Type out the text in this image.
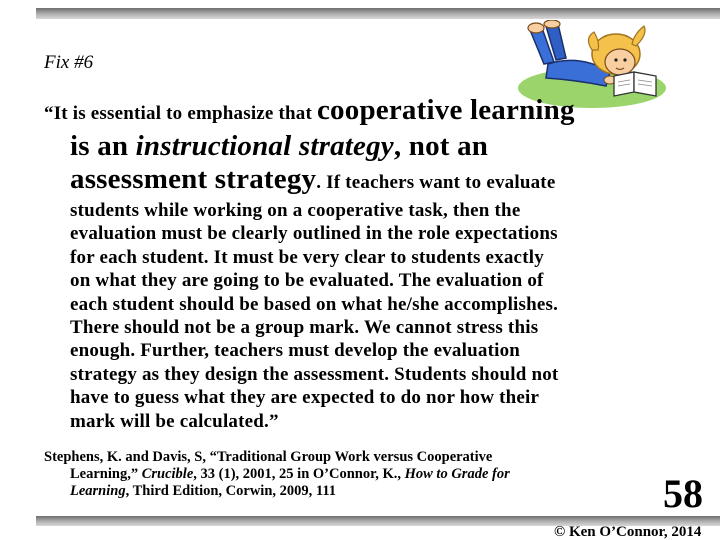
Fix #6
“It is essential to emphasize that cooperative learning
is an instructional strategy, not an
assessment strategy. If teachers want to evaluate
students while working on a cooperative task, then the
evaluation must be clearly outlined in the role expectations
for each student. It must be very clear to students exactly
on what they are going to be evaluated. The evaluation of
each student should be based on what he/she accomplishes.
There should not be a group mark. We cannot stress this
enough. Further, teachers must develop the evaluation
strategy as they design the assessment. Students should not
have to guess what they are expected to do nor how their
mark will be calculated.”
Stephens, K. and Davis, S, “Traditional Group Work versus Cooperative
Learning,” Crucible, 33 (1), 2001, 25 in O’Connor, K., How to Grade for
Learning, Third Edition, Corwin, 2009, 111	58
© Ken O’Connor, 2014
